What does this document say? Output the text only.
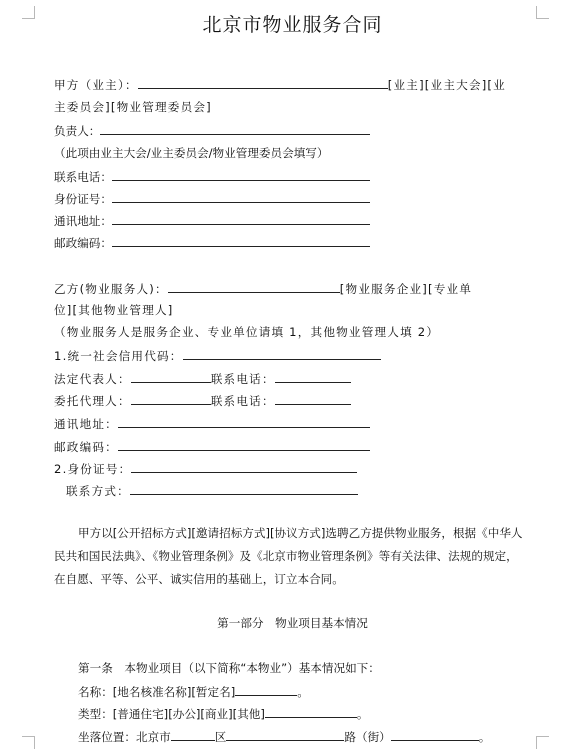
北京市物业服务合同
甲方（业主）：	[业主][业主大会][业
主委员会][物业管理委员会]
负责人：
（此项由业主大会/业主委员会/物业管理委员会填写）
联系电话：
身份证号：
通讯地址：
邮政编码：
乙方(物业服务人)：	[物业服务企业][专业单
位][其他物业管理人]
（物业服务人是服务企业、专业单位请填 1，其他物业管理人填 2）
1.统一社会信用代码：
法定代表人：	联系电话：
委托代理人：	联系电话：
通讯地址：
邮政编码：
2.身份证号：
联系方式：
甲方以[公开招标方式][邀请招标方式][协议方式]选聘乙方提供物业服务，根据《中华人
民共和国民法典》、《物业管理条例》及《北京市物业管理条例》等有关法律、法规的规定，
在自愿、平等、公平、诚实信用的基础上，订立本合同。
第一部分　物业项目基本情况
第一条　本物业项目（以下简称“本物业”）基本情况如下：
名称：[地名核准名称][暂定名]	。
类型：[普通住宅][办公][商业][其他]	。
坐落位置：北京市	区	路（街）	。
